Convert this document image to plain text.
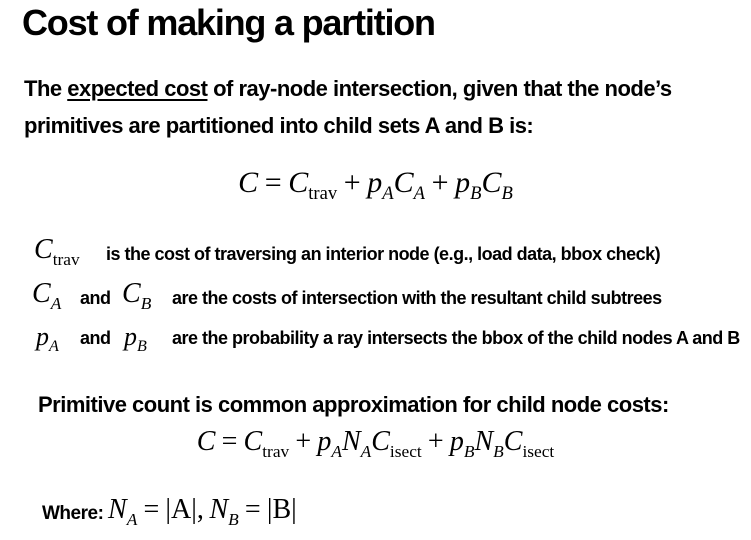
Cost of making a partition
The expected cost of ray-node intersection, given that the node’s
primitives are partitioned into child sets A and B is:
$C = C_{trav} + p_AC_A + p_BC_B$
$C_{trav}$ is the cost of traversing an interior node (e.g., load data, bbox check)
$C_A$ and $C_B$ are the costs of intersection with the resultant child subtrees
$p_A$ and $p_B$ are the probability a ray intersects the bbox of the child nodes A and B
Primitive count is common approximation for child node costs:
$C = C_{trav} + p_AN_AC_{isect} + p_BN_BC_{isect}$
Where: $N_A = |A|$, $N_B = |B|$
